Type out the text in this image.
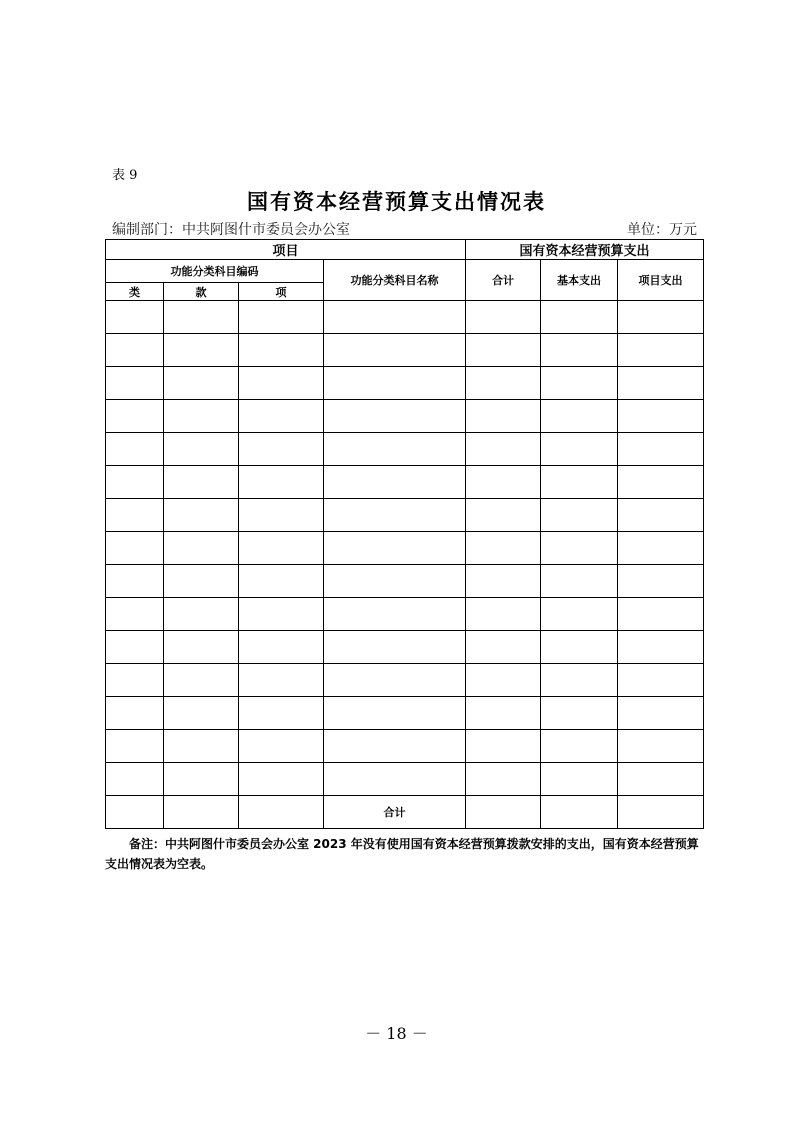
表 9
国有资本经营预算支出情况表
编制部门：中共阿图什市委员会办公室	单位：万元
项目				国有资本经营预算支出		
功能分类科目编码			功能分类科目名称	合计	基本支出	项目支出
类	款	项				

			合计			
备注：中共阿图什市委员会办公室 2023 年没有使用国有资本经营预算拨款安排的支出，国有资本经营预算支出情况表为空表。
－ 18 －
